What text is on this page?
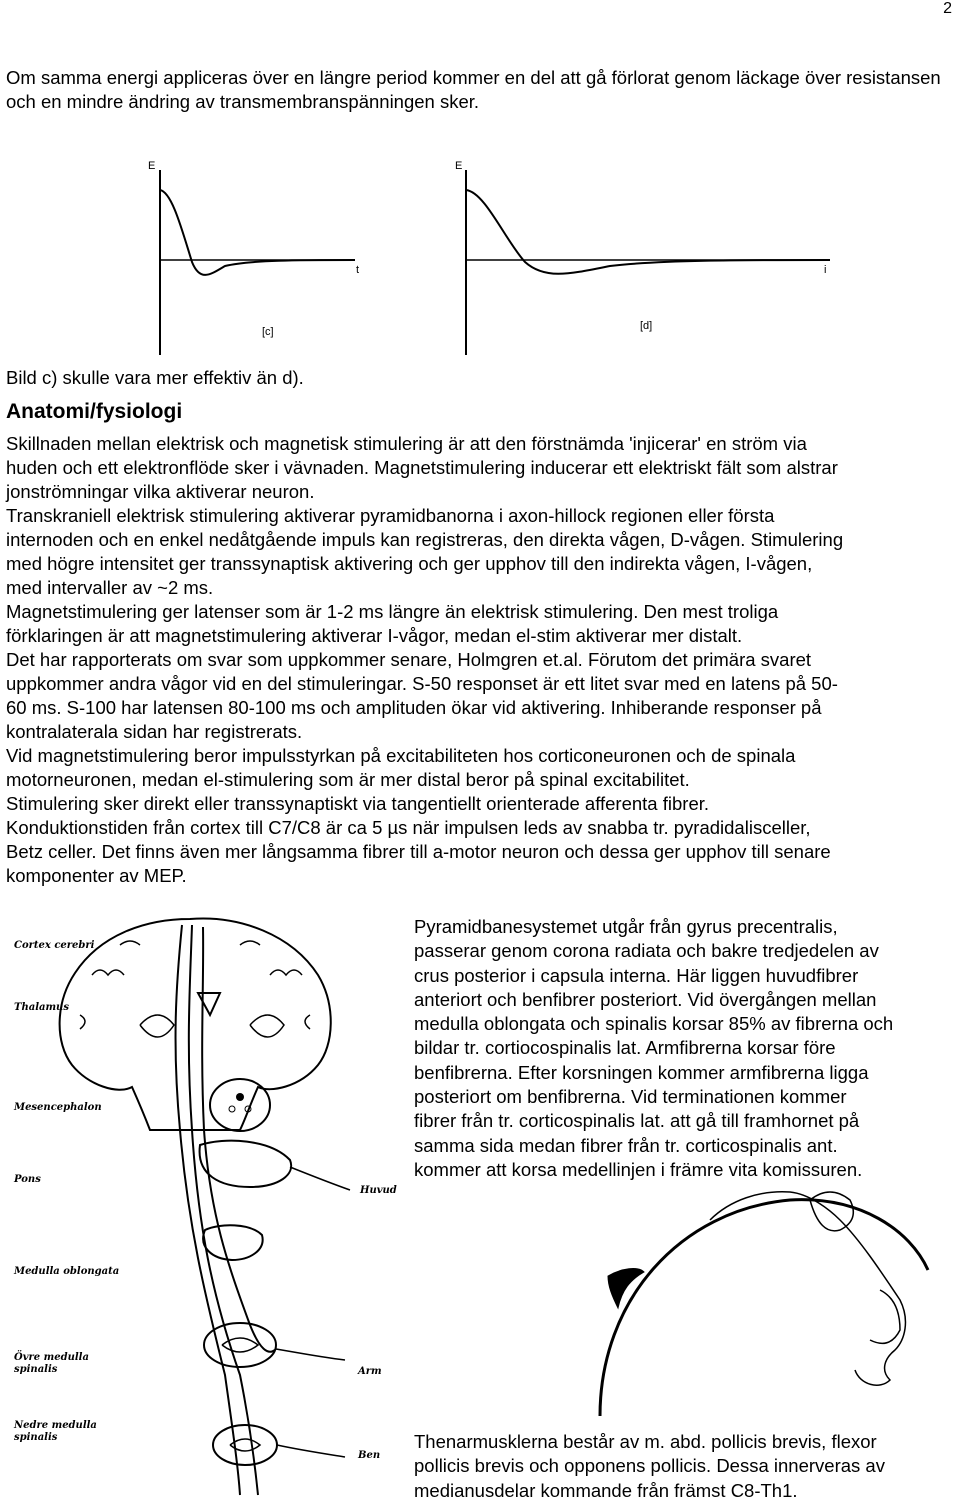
2

Om samma energi appliceras över en längre period kommer en del att gå förlorat genom läckage över resistansen och en mindre ändring av transmembranspänningen sker.

E
t
[c]
E
i
[d]
Bild c) skulle vara mer effektiv än d).
Anatomi/fysiologi
Skillnaden mellan elektrisk och magnetisk stimulering är att den förstnämda 'injicerar' en ström via
huden och ett elektronflöde sker i vävnaden. Magnetstimulering inducerar ett elektriskt fält som alstrar
jonströmningar vilka aktiverar neuron.
Transkraniell elektrisk stimulering aktiverar pyramidbanorna i axon-hillock regionen eller första
internoden och en enkel nedåtgående impuls kan registreras, den direkta vågen, D-vågen. Stimulering
med högre intensitet ger transsynaptisk aktivering och ger upphov till den indirekta vågen, I-vågen,
med intervaller av ~2 ms.
Magnetstimulering ger latenser som är 1-2 ms längre än elektrisk stimulering. Den mest troliga
förklaringen är att magnetstimulering aktiverar I-vågor, medan el-stim aktiverar mer distalt.
Det har rapporterats om svar som uppkommer senare, Holmgren et.al. Förutom det primära svaret
uppkommer andra vågor vid en del stimuleringar. S-50 responset är ett litet svar med en latens på 50-
60 ms. S-100 har latensen 80-100 ms och amplituden ökar vid aktivering. Inhiberande responser på
kontralaterala sidan har registrerats.
Vid magnetstimulering beror impulsstyrkan på excitabiliteten hos corticoneuronen och de spinala
motorneuronen, medan el-stimulering som är mer distal beror på spinal excitabilitet.
Stimulering sker direkt eller transsynaptiskt via tangentiellt orienterade afferenta fibrer.
Konduktionstiden från cortex till C7/C8 är ca 5 µs när impulsen leds av snabba tr. pyradidalisceller,
Betz celler. Det finns även mer långsamma fibrer till a-motor neuron och dessa ger upphov till senare
komponenter av MEP.
Cortex cerebri
Thalamus
Mesencephalon
Pons
Medulla oblongata
Övre medulla
spinalis
Nedre medulla
spinalis
Huvud
Arm
Ben
Pyramidbanesystemet utgår från gyrus precentralis,
passerar genom corona radiata och bakre tredjedelen av
crus posterior i capsula interna. Här liggen huvudfibrer
anteriort och benfibrer posteriort. Vid övergången mellan
medulla oblongata och spinalis korsar 85% av fibrerna och
bildar tr. cortiocospinalis lat. Armfibrerna korsar före
benfibrerna. Efter korsningen kommer armfibrerna ligga
posteriort om benfibrerna. Vid terminationen kommer
fibrer från tr. corticospinalis lat. att gå till framhornet på
samma sida medan fibrer från tr. corticospinalis ant.
kommer att korsa medellinjen i främre vita komissuren.
Thenarmusklerna består av m. abd. pollicis brevis, flexor
pollicis brevis och opponens pollicis. Dessa innerveras av
medianusdelar kommande från främst C8-Th1.
